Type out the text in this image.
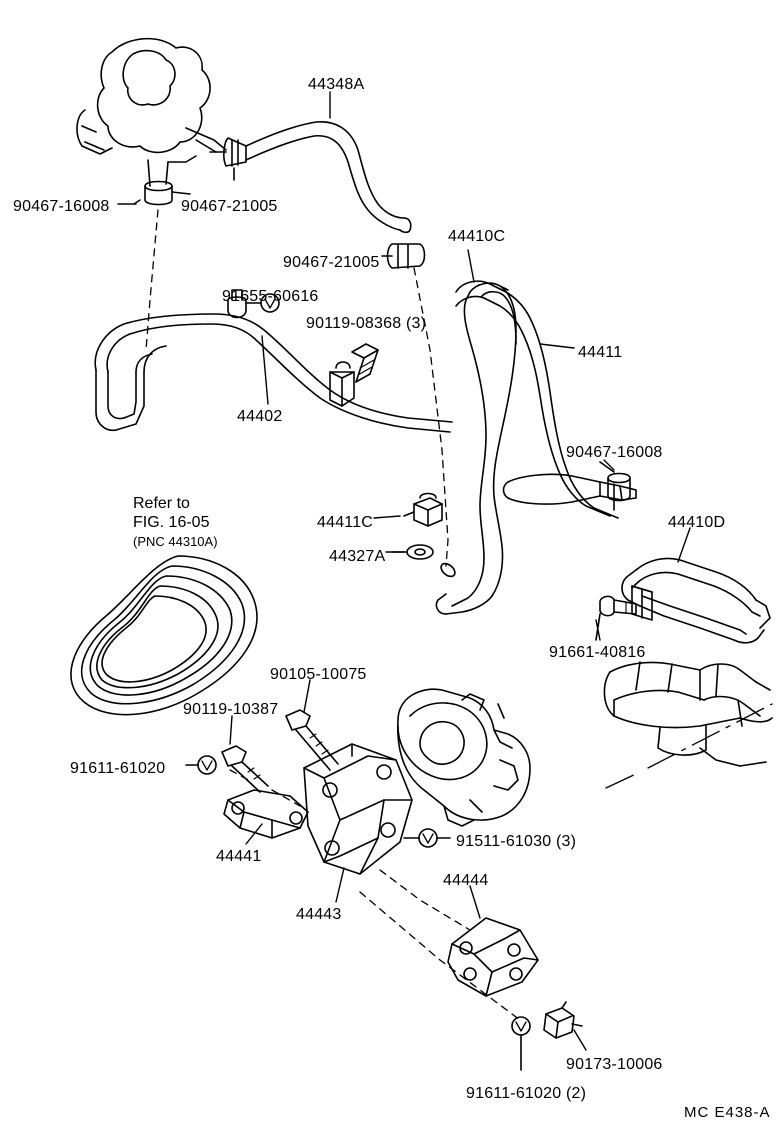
44348A
90467-16008	90467-21005
90467-21005
44410C
91655-60616
90119-08368 (3)
44411
44402
90467-16008
44411C
44327A
44410D
91661-40816
90105-10075
90119-10387
91611-61020
91511-61030 (3)
44441
44444
44443
90173-10006
91611-61020 (2)
Refer to
FIG. 16-05
(PNC 44310A)
MC E438-A
